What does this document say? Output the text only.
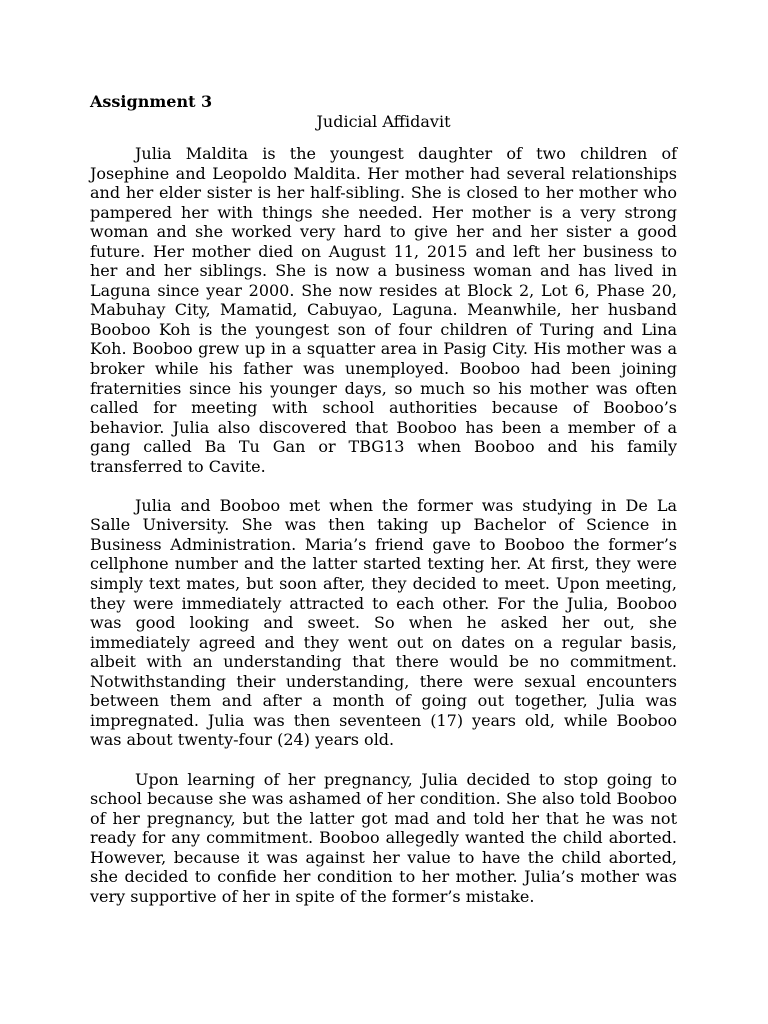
Assignment 3

Judicial Affidavit

Julia Maldita is the youngest daughter of two children of Josephine and Leopoldo Maldita. Her mother had several relationships and her elder sister is her half-sibling. She is closed to her mother who pampered her with things she needed. Her mother is a very strong woman and she worked very hard to give her and her sister a good future. Her mother died on August 11, 2015 and left her business to her and her siblings. She is now a business woman and has lived in Laguna since year 2000. She now resides at Block 2, Lot 6, Phase 20, Mabuhay City, Mamatid, Cabuyao, Laguna. Meanwhile, her husband Booboo Koh is the youngest son of four children of Turing and Lina Koh. Booboo grew up in a squatter area in Pasig City. His mother was a broker while his father was unemployed. Booboo had been joining fraternities since his younger days, so much so his mother was often called for meeting with school authorities because of Booboo’s behavior. Julia also discovered that Booboo has been a member of a gang called Ba Tu Gan or TBG13 when Booboo and his family transferred to Cavite.

Julia and Booboo met when the former was studying in De La Salle University. She was then taking up Bachelor of Science in Business Administration. Maria’s friend gave to Booboo the former’s cellphone number and the latter started texting her. At first, they were simply text mates, but soon after, they decided to meet. Upon meeting, they were immediately attracted to each other. For the Julia, Booboo was good looking and sweet. So when he asked her out, she immediately agreed and they went out on dates on a regular basis, albeit with an understanding that there would be no commitment. Notwithstanding their understanding, there were sexual encounters between them and after a month of going out together, Julia was impregnated. Julia was then seventeen (17) years old, while Booboo was about twenty-four (24) years old.

Upon learning of her pregnancy, Julia decided to stop going to school because she was ashamed of her condition. She also told Booboo of her pregnancy, but the latter got mad and told her that he was not ready for any commitment. Booboo allegedly wanted the child aborted. However, because it was against her value to have the child aborted, she decided to confide her condition to her mother. Julia’s mother was very supportive of her in spite of the former’s mistake.
